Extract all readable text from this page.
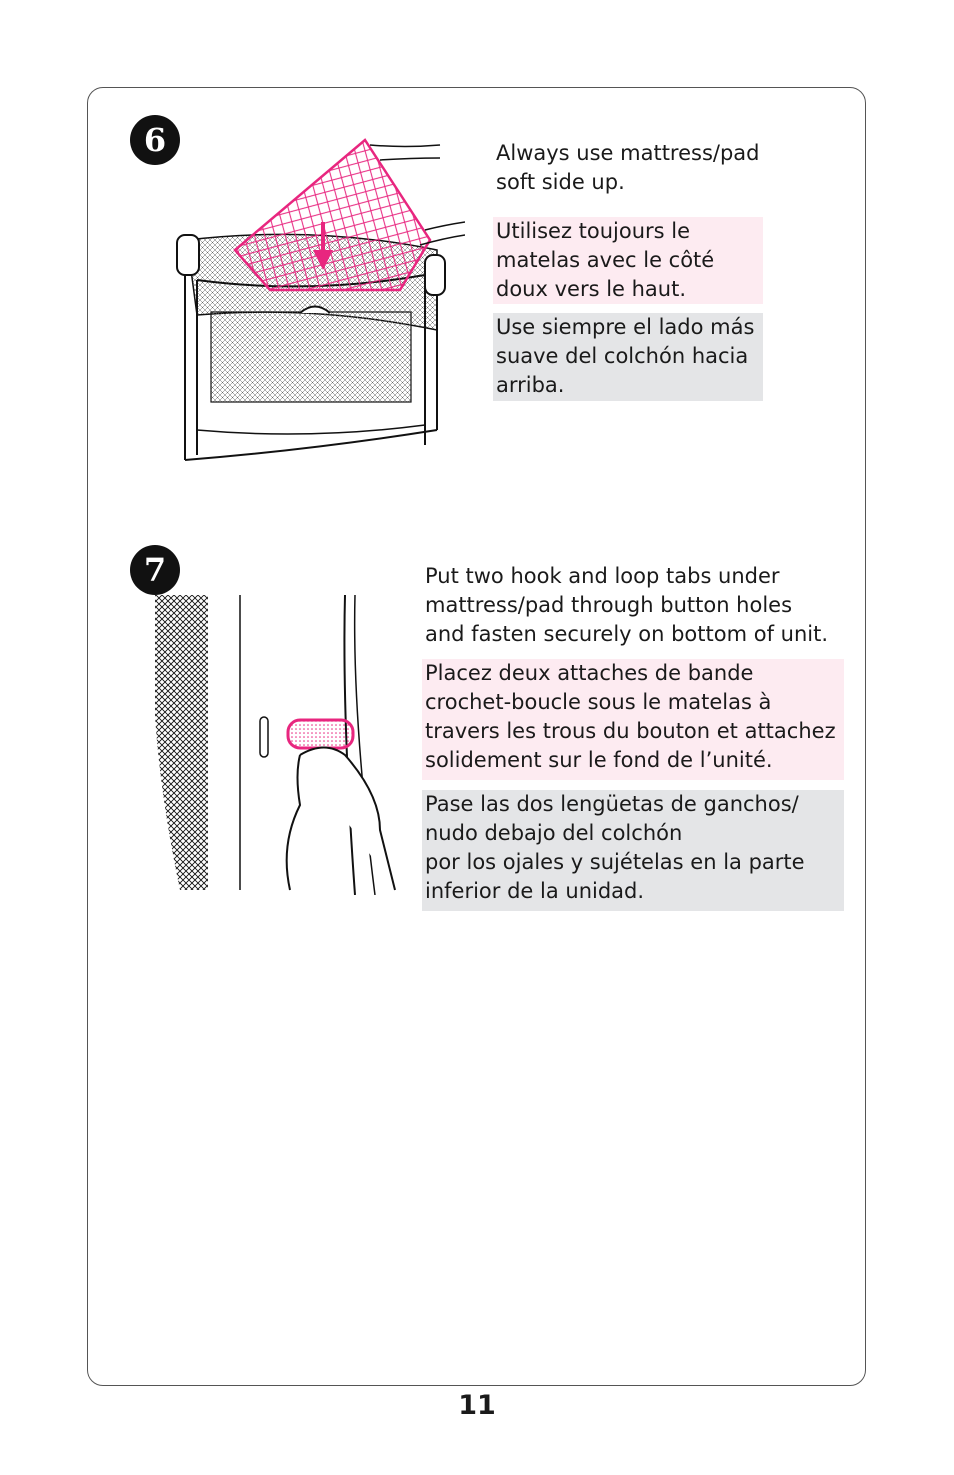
6	Always use mattress/pad
soft side up.
Utilisez toujours le
matelas avec le côté
doux vers le haut.
Use siempre el lado más
suave del colchón hacia
arriba.
7	Put two hook and loop tabs under
mattress/pad through button holes
and fasten securely on bottom of unit.
Placez deux attaches de bande
crochet-boucle sous le matelas à
travers les trous du bouton et attachez
solidement sur le fond de l’unité.
Pase las dos lengüetas de ganchos/
nudo debajo del colchón
por los ojales y sujételas en la parte
inferior de la unidad.
11
